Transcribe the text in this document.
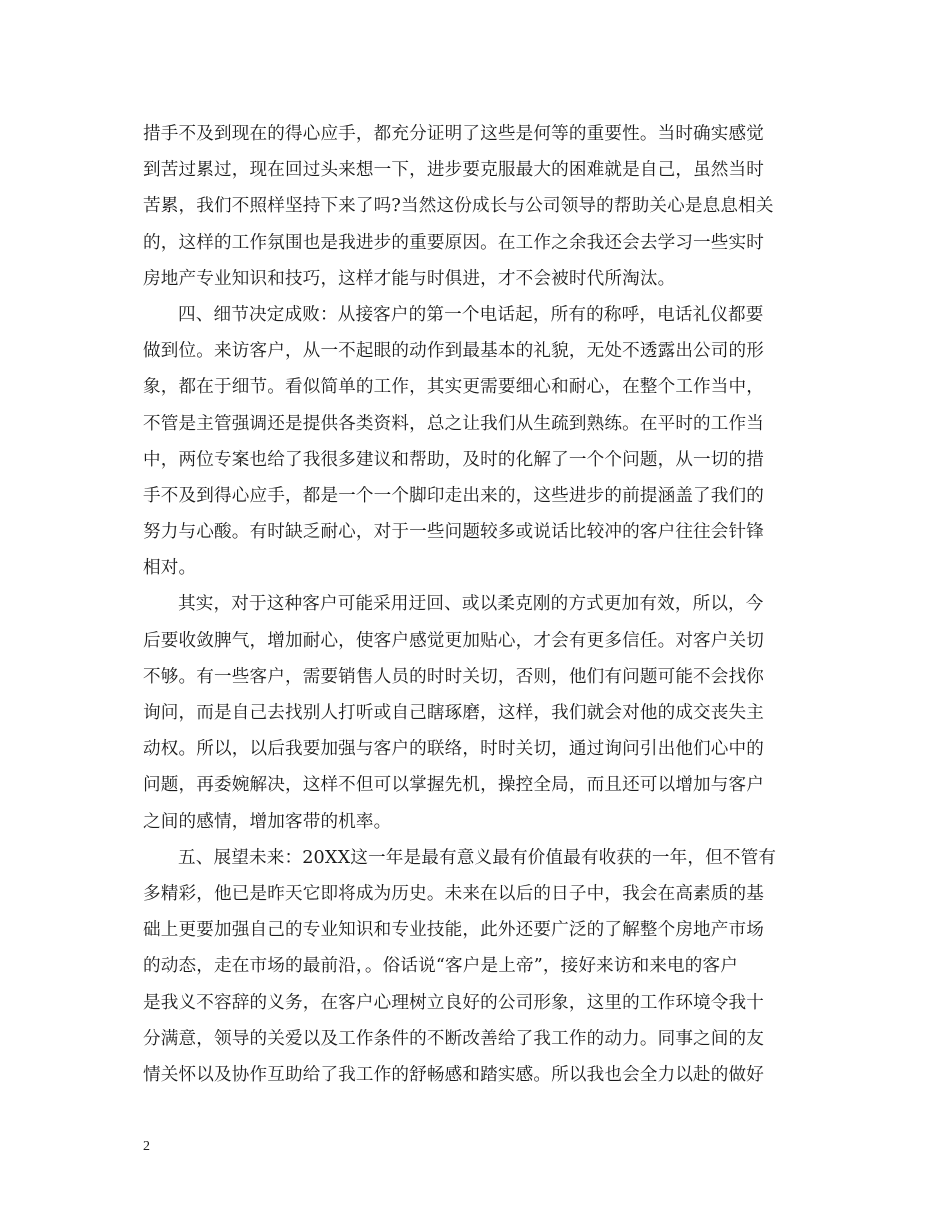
措手不及到现在的得心应手，都充分证明了这些是何等的重要性。当时确实感觉
到苦过累过，现在回过头来想一下，进步要克服最大的困难就是自己，虽然当时
苦累，我们不照样坚持下来了吗?当然这份成长与公司领导的帮助关心是息息相关
的，这样的工作氛围也是我进步的重要原因。在工作之余我还会去学习一些实时
房地产专业知识和技巧，这样才能与时俱进，才不会被时代所淘汰。
四、细节决定成败：从接客户的第一个电话起，所有的称呼，电话礼仪都要
做到位。来访客户，从一不起眼的动作到最基本的礼貌，无处不透露出公司的形
象，都在于细节。看似简单的工作，其实更需要细心和耐心，在整个工作当中，
不管是主管强调还是提供各类资料，总之让我们从生疏到熟练。在平时的工作当
中，两位专案也给了我很多建议和帮助，及时的化解了一个个问题，从一切的措
手不及到得心应手，都是一个一个脚印走出来的，这些进步的前提涵盖了我们的
努力与心酸。有时缺乏耐心，对于一些问题较多或说话比较冲的客户往往会针锋
相对。
其实，对于这种客户可能采用迂回、或以柔克刚的方式更加有效，所以，今
后要收敛脾气，增加耐心，使客户感觉更加贴心，才会有更多信任。对客户关切
不够。有一些客户，需要销售人员的时时关切，否则，他们有问题可能不会找你
询问，而是自己去找别人打听或自己瞎琢磨，这样，我们就会对他的成交丧失主
动权。所以，以后我要加强与客户的联络，时时关切，通过询问引出他们心中的
问题，再委婉解决，这样不但可以掌握先机，操控全局，而且还可以增加与客户
之间的感情，增加客带的机率。
五、展望未来：20XX这一年是最有意义最有价值最有收获的一年，但不管有
多精彩，他已是昨天它即将成为历史。未来在以后的日子中，我会在高素质的基
础上更要加强自己的专业知识和专业技能，此外还要广泛的了解整个房地产市场
的动态，走在市场的最前沿，。俗话说“客户是上帝”，接好来访和来电的客户
是我义不容辞的义务，在客户心理树立良好的公司形象，这里的工作环境令我十
分满意，领导的关爱以及工作条件的不断改善给了我工作的动力。同事之间的友
情关怀以及协作互助给了我工作的舒畅感和踏实感。所以我也会全力以赴的做好
2
